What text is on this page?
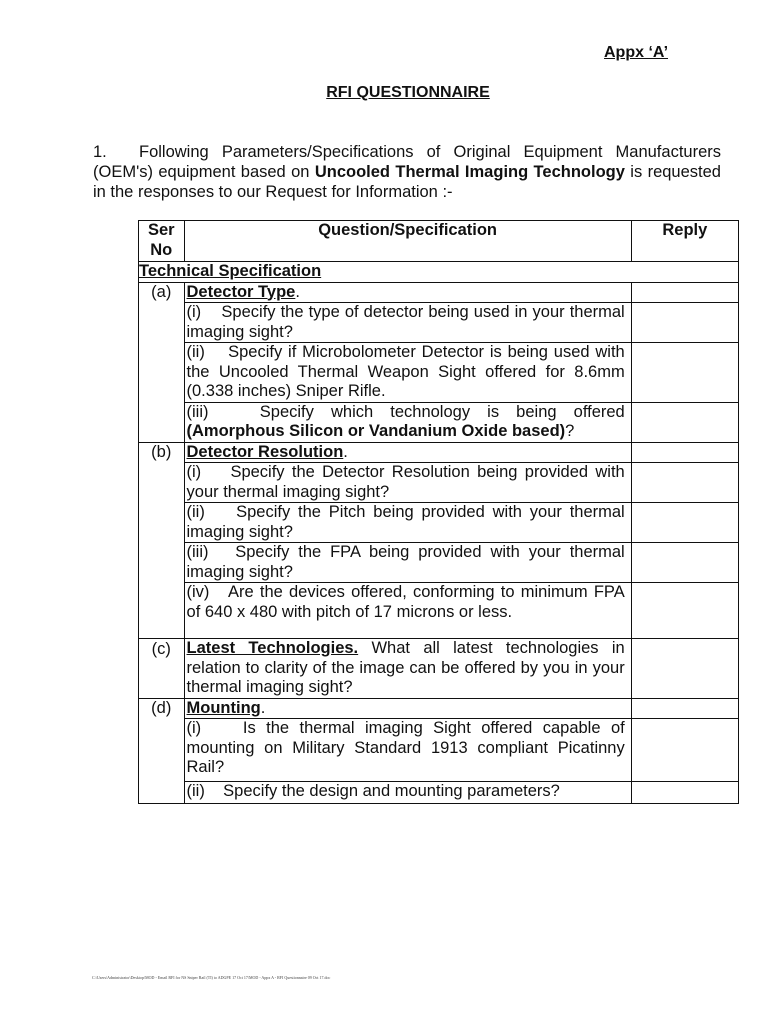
Appx ‘A’
RFI QUESTIONNAIRE
1. Following Parameters/Specifications of Original Equipment Manufacturers (OEM's) equipment based on Uncooled Thermal Imaging Technology is requested in the responses to our Request for Information :-
Ser No	Question/Specification	Reply
Technical Specification		
(a)	Detector Type.	
	(i)    Specify the type of detector being used in your thermal imaging sight?	
	(ii)    Specify if Microbolometer Detector is being used with the Uncooled Thermal Weapon Sight offered for 8.6mm (0.338 inches) Sniper Rifle.	
	(iii)   Specify which technology is being offered (Amorphous Silicon or Vandanium Oxide based)?	
(b)	Detector Resolution.	
	(i)    Specify the Detector Resolution being provided with your thermal imaging sight?	
	(ii)    Specify the Pitch being provided with your thermal imaging sight?	
	(iii)   Specify the FPA being provided with your thermal imaging sight?	
	(iv)   Are the devices offered, conforming to minimum FPA of 640 x 480 with pitch of 17 microns or less.	
(c)	Latest Technologies. What all latest technologies in relation to clarity of the image can be offered by you in your thermal imaging sight?	
(d)	Mounting.	
	(i)    Is the thermal imaging Sight offered capable of mounting on Military Standard 1913 compliant Picatinny Rail?	
	(ii)    Specify the design and mounting parameters?	
C:\Users\Administrator\Desktop\MOD - Email RFI for NS Sniper Rail (TI) to ADGPE 17 Oct 17\MOD - Appx A - RFI Questionnaire 09 Oct 17.doc
